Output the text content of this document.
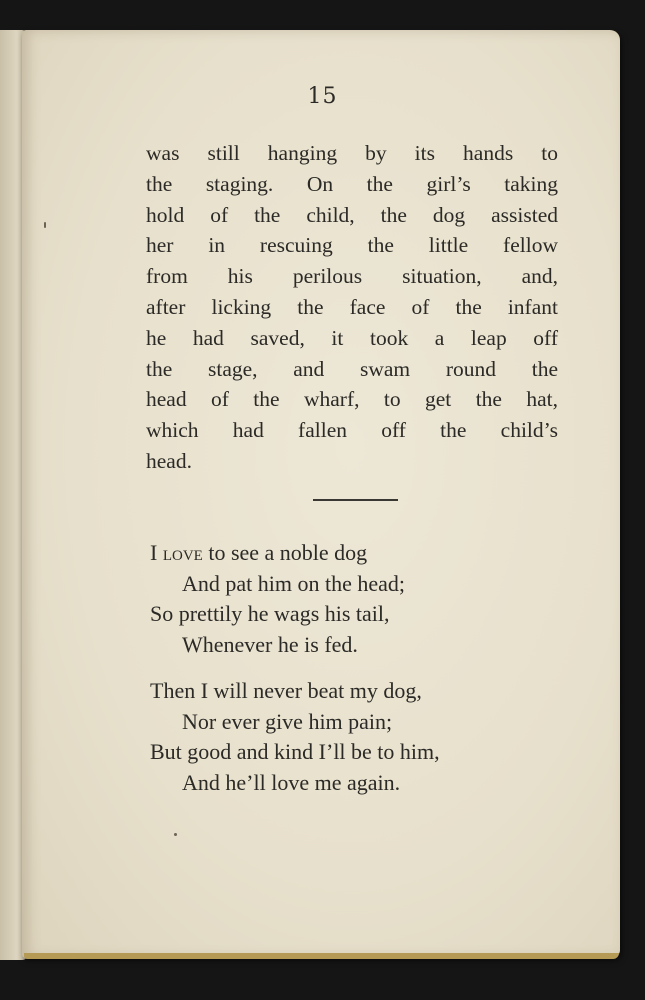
15
was still hanging by its hands to
the staging. On the girl’s taking
hold of the child, the dog assisted
her in rescuing the little fellow
from his perilous situation, and,
after licking the face of the infant
he had saved, it took a leap off
the stage, and swam round the
head of the wharf, to get the hat,
which had fallen off the child’s
head.
I love to see a noble dog
And pat him on the head;
So prettily he wags his tail,
Whenever he is fed.
Then I will never beat my dog,
Nor ever give him pain;
But good and kind I’ll be to him,
And he’ll love me again.
